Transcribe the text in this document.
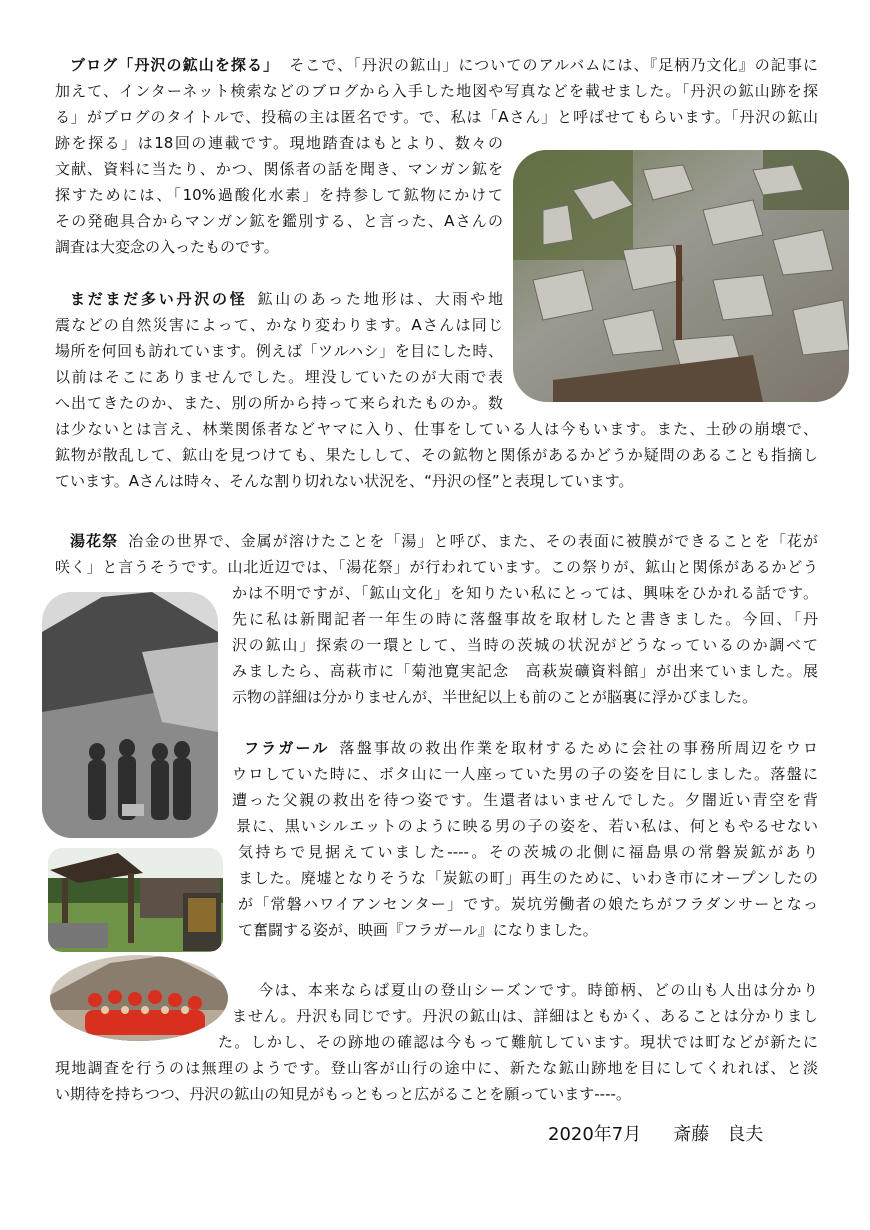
ブログ「丹沢の鉱山を探る」 そこで、「丹沢の鉱山」についてのアルバムには、『足柄乃文化』の記事に
加えて、インターネット検索などのブログから入手した地図や写真などを載せました。「丹沢の鉱山跡を探
る」がブログのタイトルで、投稿の主は匿名です。で、私は「Aさん」と呼ばせてもらいます。「丹沢の鉱山
跡を探る」は18回の連載です。現地踏査はもとより、数々の
文献、資料に当たり、かつ、関係者の話を聞き、マンガン鉱を
探すためには、「10%過酸化水素」を持参して鉱物にかけて
その発砲具合からマンガン鉱を鑑別する、と言った、Aさんの
調査は大変念の入ったものです。
まだまだ多い丹沢の怪 鉱山のあった地形は、大雨や地
震などの自然災害によって、かなり変わります。Aさんは同じ
場所を何回も訪れています。例えば「ツルハシ」を目にした時、
以前はそこにありませんでした。埋没していたのが大雨で表
へ出てきたのか、また、別の所から持って来られたものか。数
は少ないとは言え、林業関係者などヤマに入り、仕事をしている人は今もいます。また、土砂の崩壊で、
鉱物が散乱して、鉱山を見つけても、果たしして、その鉱物と関係があるかどうか疑問のあることも指摘し
ています。Aさんは時々、そんな割り切れない状況を、“丹沢の怪”と表現しています。
湯花祭 冶金の世界で、金属が溶けたことを「湯」と呼び、また、その表面に被膜ができることを「花が
咲く」と言うそうです。山北近辺では、「湯花祭」が行われています。この祭りが、鉱山と関係があるかどう
かは不明ですが、「鉱山文化」を知りたい私にとっては、興味をひかれる話です。
先に私は新聞記者一年生の時に落盤事故を取材したと書きました。今回、「丹
沢の鉱山」探索の一環として、当時の茨城の状況がどうなっているのか調べて
みましたら、高萩市に「菊池寛実記念　高萩炭礦資料館」が出来ていました。展
示物の詳細は分かりませんが、半世紀以上も前のことが脳裏に浮かびました。
フラガール 落盤事故の救出作業を取材するために会社の事務所周辺をウロ
ウロしていた時に、ボタ山に一人座っていた男の子の姿を目にしました。落盤に
遭った父親の救出を待つ姿です。生還者はいませんでした。夕闇近い青空を背
景に、黒いシルエットのように映る男の子の姿を、若い私は、何ともやるせない
気持ちで見据えていました----。その茨城の北側に福島県の常磐炭鉱があり
ました。廃墟となりそうな「炭鉱の町」再生のために、いわき市にオープンしたの
が「常磐ハワイアンセンター」です。炭坑労働者の娘たちがフラダンサーとなっ
て奮闘する姿が、映画『フラガール』になりました。
今は、本来ならば夏山の登山シーズンです。時節柄、どの山も人出は分かり
ません。丹沢も同じです。丹沢の鉱山は、詳細はともかく、あることは分かりまし
た。しかし、その跡地の確認は今もって難航しています。現状では町などが新たに
現地調査を行うのは無理のようです。登山客が山行の途中に、新たな鉱山跡地を目にしてくれれば、と淡
い期待を持ちつつ、丹沢の鉱山の知見がもっともっと広がることを願っています----。
2020年7月 斎藤　良夫
